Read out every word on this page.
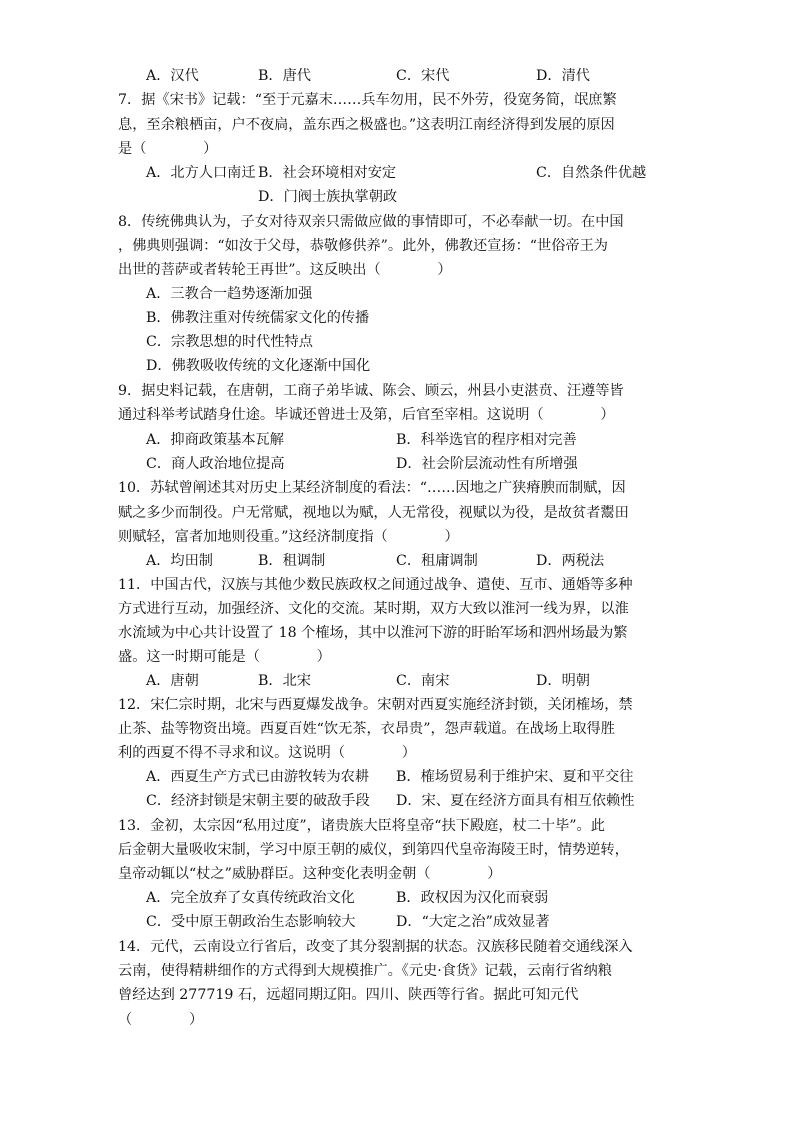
A．汉代	B．唐代	C．宋代	D．清代
7．据《宋书》记载：“至于元嘉末……兵车勿用，民不外劳，役宽务简，氓庶繁
息，至余粮栖亩，户不夜扃，盖东西之极盛也。”这表明江南经济得到发展的原因
是（　　　　）
A．北方人口南迁 B．社会环境相对安定	C．自然条件优越
D．门阀士族执掌朝政
8．传统佛典认为，子女对待双亲只需做应做的事情即可，不必奉献一切。在中国
，佛典则强调：“如汝于父母，恭敬修供养”。此外，佛教还宣扬：“世俗帝王为
出世的菩萨或者转轮王再世”。这反映出（　　　　）
A．三教合一趋势逐渐加强
B．佛教注重对传统儒家文化的传播
C．宗教思想的时代性特点
D．佛教吸收传统的文化逐渐中国化
9．据史料记载，在唐朝，工商子弟毕诚、陈会、顾云，州县小吏湛贲、汪遵等皆
通过科举考试踏身仕途。毕诚还曾进士及第，后官至宰相。这说明（　　　　）
A．抑商政策基本瓦解	B．科举选官的程序相对完善
C．商人政治地位提高	D．社会阶层流动性有所增强
10．苏轼曾阐述其对历史上某经济制度的看法：“……因地之广狭瘠腴而制赋，因
赋之多少而制役。户无常赋，视地以为赋，人无常役，视赋以为役，是故贫者鬻田
则赋轻，富者加地则役重。”这经济制度指（　　　　）
A．均田制	B．租调制	C．租庸调制	D．两税法
11．中国古代，汉族与其他少数民族政权之间通过战争、遣使、互市、通婚等多种
方式进行互动，加强经济、文化的交流。某时期，双方大致以淮河一线为界，以淮
水流域为中心共计设置了 18 个榷场，其中以淮河下游的盱眙军场和泗州场最为繁
盛。这一时期可能是（　　　　）
A．唐朝	B．北宋	C．南宋	D．明朝
12．宋仁宗时期，北宋与西夏爆发战争。宋朝对西夏实施经济封锁，关闭榷场，禁
止茶、盐等物资出境。西夏百姓“饮无茶，衣昂贵”，怨声载道。在战场上取得胜
利的西夏不得不寻求和议。这说明（　　　　）
A．西夏生产方式已由游牧转为农耕 B．榷场贸易利于维护宋、夏和平交往
C．经济封锁是宋朝主要的破敌手段 D．宋、夏在经济方面具有相互依赖性
13．金初，太宗因“私用过度”，诸贵族大臣将皇帝“扶下殿庭，杖二十毕”。此
后金朝大量吸收宋制，学习中原王朝的威仪，到第四代皇帝海陵王时，情势逆转，
皇帝动辄以“杖之”威胁群臣。这种变化表明金朝（　　　　）
A．完全放弃了女真传统政治文化	B．政权因为汉化而衰弱
C．受中原王朝政治生态影响较大	D．“大定之治”成效显著
14．元代，云南设立行省后，改变了其分裂割据的状态。汉族移民随着交通线深入
云南，使得精耕细作的方式得到大规模推广。《元史·食货》记载，云南行省纳粮
曾经达到 277719 石，远超同期辽阳。四川、陕西等行省。据此可知元代
（　　　　）
